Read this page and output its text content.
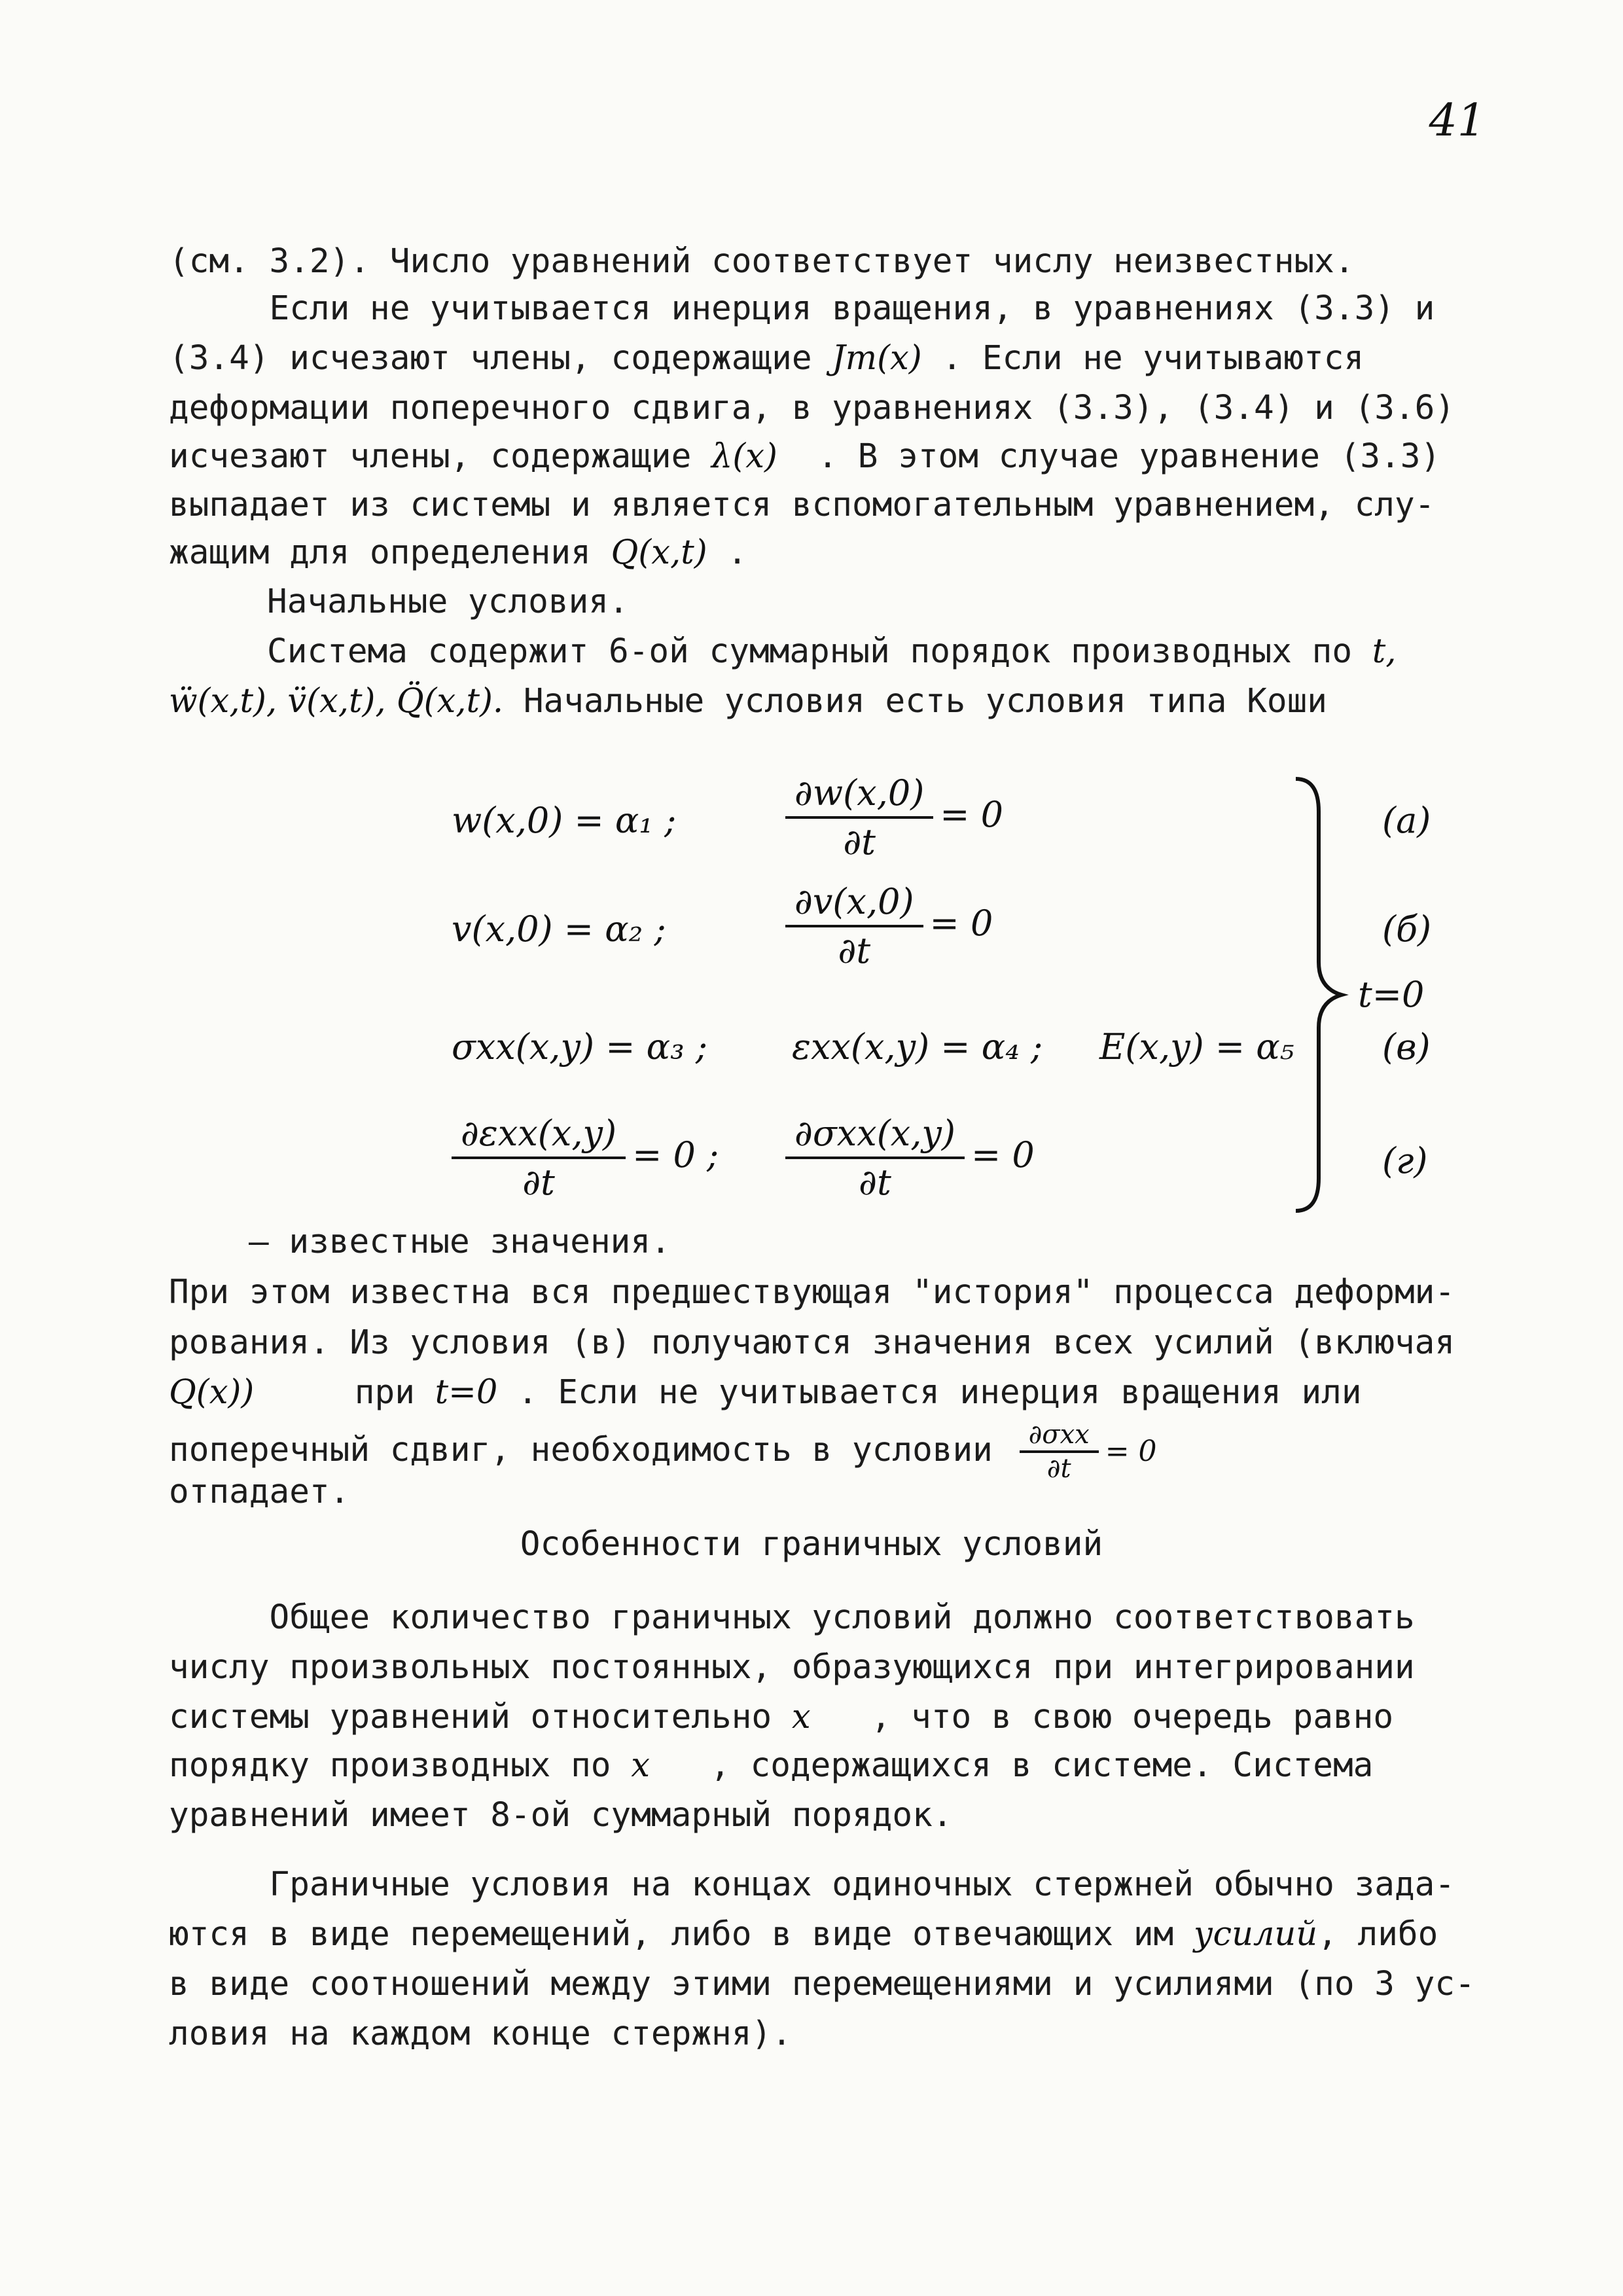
41
(см. 3.2). Число уравнений соответствует числу неизвестных.
Если не учитывается инерция вращения, в уравнениях (3.3) и
(3.4) исчезают члены, содержащие Jm(x) . Если не учитываются
деформации поперечного сдвига, в уравнениях (3.3), (3.4) и (3.6)
исчезают члены, содержащие λ(x)  . В этом случае уравнение (3.3)
выпадает из системы и является вспомогательным уравнением, слу-
жащим для определения Q(x,t) .
Начальные условия.
Система содержит 6-ой суммарный порядок производных по t,
ẅ(x,t), v̈(x,t), Q̈(x,t). Начальные условия есть условия типа Коши
w(x,0) = α₁ ;	$\frac{\partial w(x,0)}{\partial t} = 0$
v(x,0) = α₂ ;	$\frac{\partial v(x,0)}{\partial t} = 0$
σxx(x,y) = α₃ ; εxx(x,y) = α₄ ; E(x,y) = α₅
$\frac{\text{∂εxx(x,y)}}{\partial t} = 0$ ; $\frac{\text{∂σxx(x,y)}}{\partial t} = 0$
t=0
(а)
(б)
(в)
(г)
– известные значения.
При этом известна вся предшествующая "история" процесса деформи-
рования. Из условия (в) получаются значения всех усилий (включая
Q(x))     при t=0 . Если не учитывается инерция вращения или
поперечный сдвиг, необходимость в условии $\frac{\text{∂σxx}}{\partial t} = 0$
отпадает.
Особенности граничных условий
Общее количество граничных условий должно соответствовать
числу произвольных постоянных, образующихся при интегрировании
системы уравнений относительно x   , что в свою очередь равно
порядку производных по x   , содержащихся в системе. Система
уравнений имеет 8-ой суммарный порядок.
Граничные условия на концах одиночных стержней обычно зада-
ются в виде перемещений, либо в виде отвечающих им усилий, либо
в виде соотношений между этими перемещениями и усилиями (по 3 ус-
ловия на каждом конце стержня).
